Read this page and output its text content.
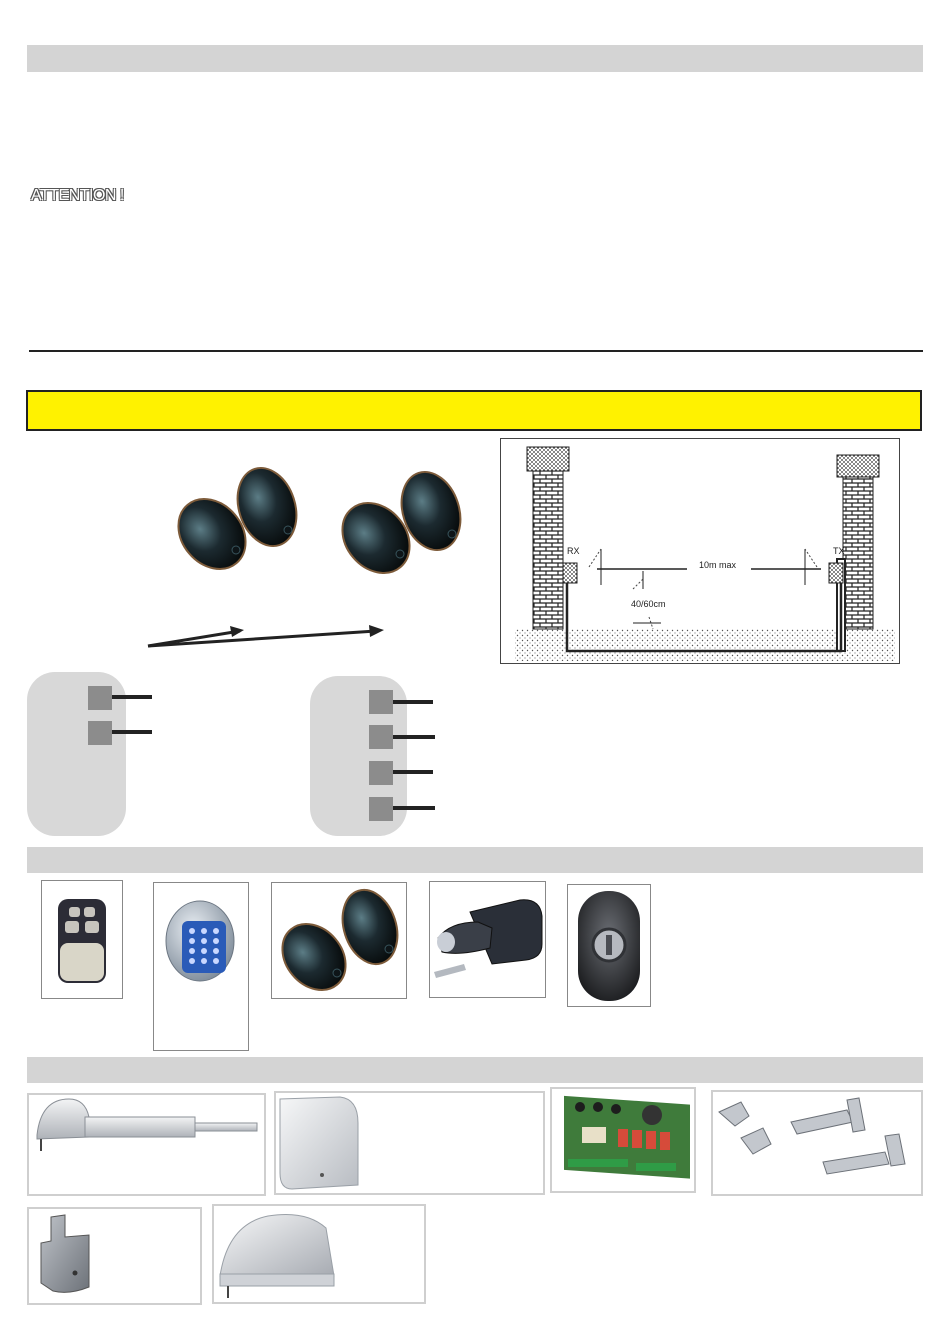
ATTENTION !
RX	TX
10m max
40/60cm
